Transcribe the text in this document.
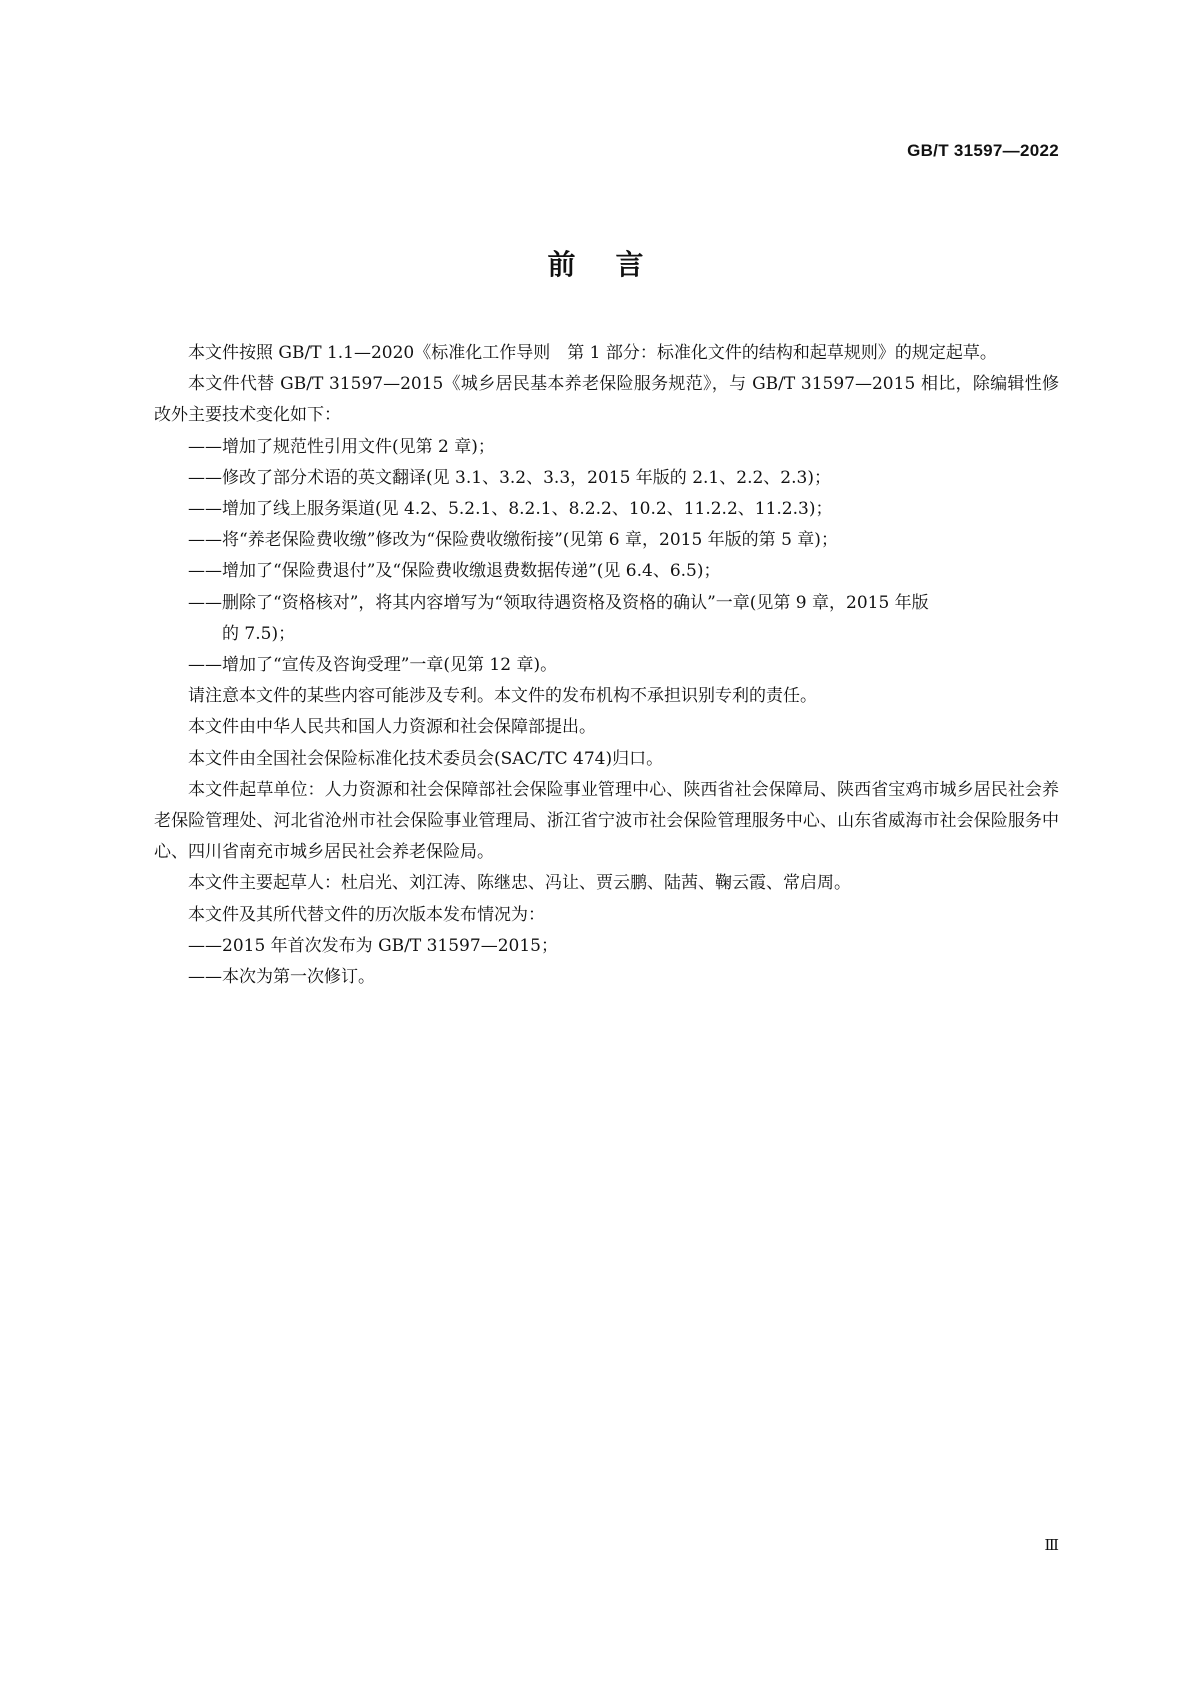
GB/T 31597—2022
前言

本文件按照 GB/T 1.1—2020《标准化工作导则　第 1 部分：标准化文件的结构和起草规则》的规定起草。

本文件代替 GB/T 31597—2015《城乡居民基本养老保险服务规范》，与 GB/T 31597—2015 相比，除编辑性修改外主要技术变化如下：

——增加了规范性引用文件(见第 2 章)；

——修改了部分术语的英文翻译(见 3.1、3.2、3.3，2015 年版的 2.1、2.2、2.3)；

——增加了线上服务渠道(见 4.2、5.2.1、8.2.1、8.2.2、10.2、11.2.2、11.2.3)；

——将“养老保险费收缴”修改为“保险费收缴衔接”(见第 6 章，2015 年版的第 5 章)；

——增加了“保险费退付”及“保险费收缴退费数据传递”(见 6.4、6.5)；

——删除了“资格核对”，将其内容增写为“领取待遇资格及资格的确认”一章(见第 9 章，2015 年版

的 7.5)；

——增加了“宣传及咨询受理”一章(见第 12 章)。

请注意本文件的某些内容可能涉及专利。本文件的发布机构不承担识别专利的责任。

本文件由中华人民共和国人力资源和社会保障部提出。

本文件由全国社会保险标准化技术委员会(SAC/TC 474)归口。

本文件起草单位：人力资源和社会保障部社会保险事业管理中心、陕西省社会保障局、陕西省宝鸡市城乡居民社会养老保险管理处、河北省沧州市社会保险事业管理局、浙江省宁波市社会保险管理服务中心、山东省威海市社会保险服务中心、四川省南充市城乡居民社会养老保险局。

本文件主要起草人：杜启光、刘江涛、陈继忠、冯让、贾云鹏、陆茜、鞠云霞、常启周。

本文件及其所代替文件的历次版本发布情况为：

——2015 年首次发布为 GB/T 31597—2015；

——本次为第一次修订。

Ⅲ
